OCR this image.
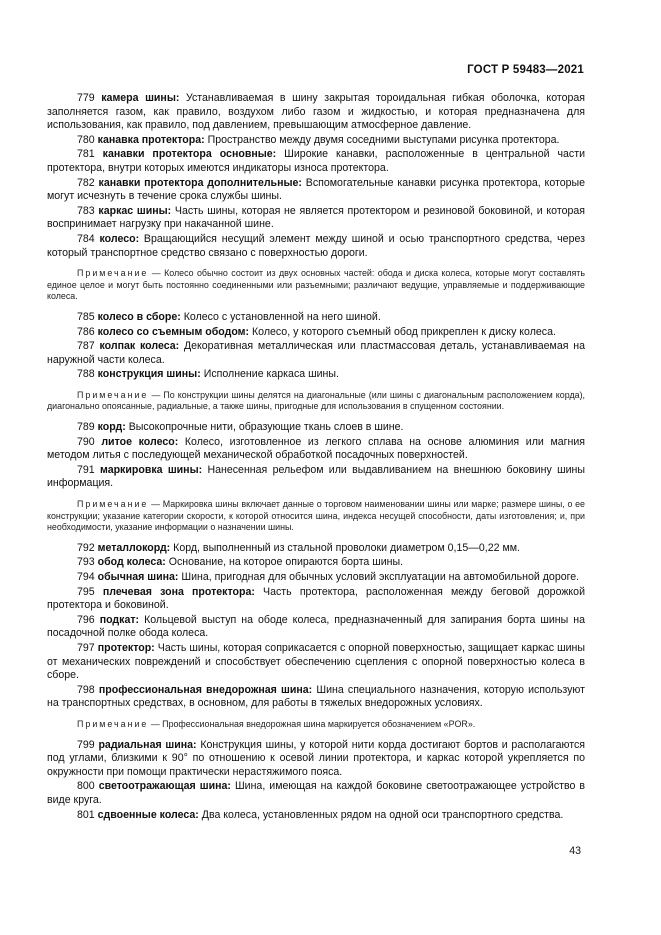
ГОСТ Р 59483—2021

779 камера шины: Устанавливаемая в шину закрытая тороидальная гибкая оболочка, которая заполняется газом, как правило, воздухом либо газом и жидкостью, и которая предназначена для использования, как правило, под давлением, превышающим атмосферное давление.

780 канавка протектора: Пространство между двумя соседними выступами рисунка протектора.

781 канавки протектора основные: Широкие канавки, расположенные в центральной части протектора, внутри которых имеются индикаторы износа протектора.

782 канавки протектора дополнительные: Вспомогательные канавки рисунка протектора, которые могут исчезнуть в течение срока службы шины.

783 каркас шины: Часть шины, которая не является протектором и резиновой боковиной, и которая воспринимает нагрузку при накачанной шине.

784 колесо: Вращающийся несущий элемент между шиной и осью транспортного средства, через который транспортное средство связано с поверхностью дороги.

Примечание — Колесо обычно состоит из двух основных частей: обода и диска колеса, которые могут составлять единое целое и могут быть постоянно соединенными или разъемными; различают ведущие, управляемые и поддерживающие колеса.

785 колесо в сборе: Колесо с установленной на него шиной.

786 колесо со съемным ободом: Колесо, у которого съемный обод прикреплен к диску колеса.

787 колпак колеса: Декоративная металлическая или пластмассовая деталь, устанавливаемая на наружной части колеса.

788 конструкция шины: Исполнение каркаса шины.

Примечание — По конструкции шины делятся на диагональные (или шины с диагональным расположением корда), диагонально опоясанные, радиальные, а также шины, пригодные для использования в спущенном состоянии.

789 корд: Высокопрочные нити, образующие ткань слоев в шине.

790 литое колесо: Колесо, изготовленное из легкого сплава на основе алюминия или магния методом литья с последующей механической обработкой посадочных поверхностей.

791 маркировка шины: Нанесенная рельефом или выдавливанием на внешнюю боковину шины информация.

Примечание — Маркировка шины включает данные о торговом наименовании шины или марке; размере шины, о ее конструкции; указание категории скорости, к которой относится шина, индекса несущей способности, даты изготовления; и, при необходимости, указание информации о назначении шины.

792 металлокорд: Корд, выполненный из стальной проволоки диаметром 0,15—0,22 мм.

793 обод колеса: Основание, на которое опираются борта шины.

794 обычная шина: Шина, пригодная для обычных условий эксплуатации на автомобильной дороге.

795 плечевая зона протектора: Часть протектора, расположенная между беговой дорожкой протектора и боковиной.

796 подкат: Кольцевой выступ на ободе колеса, предназначенный для запирания борта шины на посадочной полке обода колеса.

797 протектор: Часть шины, которая соприкасается с опорной поверхностью, защищает каркас шины от механических повреждений и способствует обеспечению сцепления с опорной поверхностью колеса в сборе.

798 профессиональная внедорожная шина: Шина специального назначения, которую используют на транспортных средствах, в основном, для работы в тяжелых внедорожных условиях.

Примечание — Профессиональная внедорожная шина маркируется обозначением «POR».

799 радиальная шина: Конструкция шины, у которой нити корда достигают бортов и располагаются под углами, близкими к 90° по отношению к осевой линии протектора, и каркас которой укрепляется по окружности при помощи практически нерастяжимого пояса.

800 светоотражающая шина: Шина, имеющая на каждой боковине светоотражающее устройство в виде круга.

801 сдвоенные колеса: Два колеса, установленных рядом на одной оси транспортного средства.

43
